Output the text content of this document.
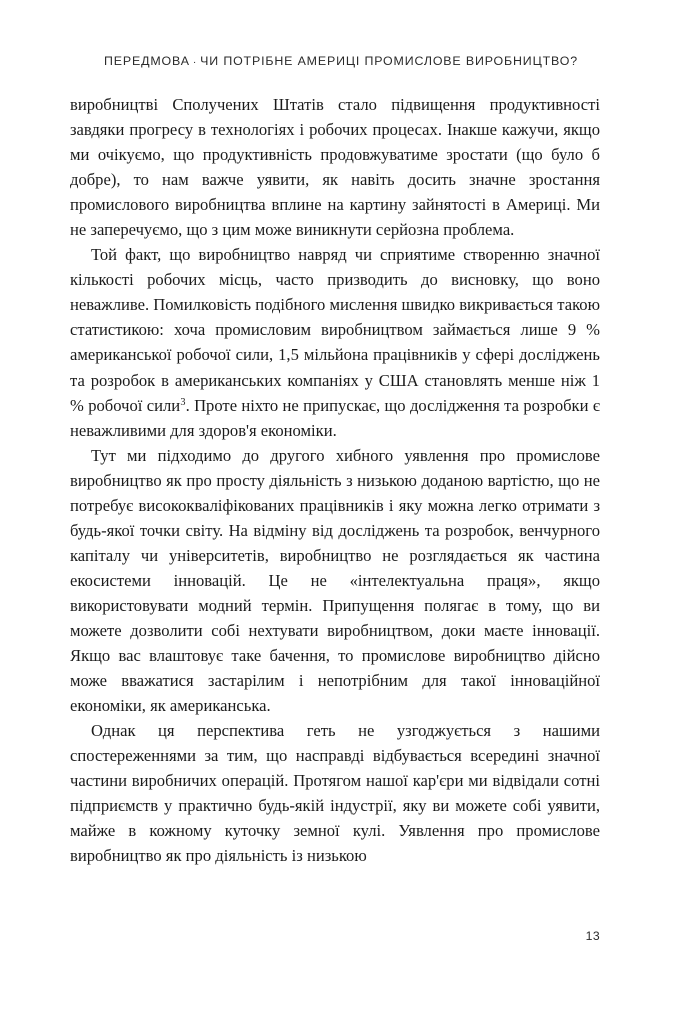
ПЕРЕДМОВА · ЧИ ПОТРІБНЕ АМЕРИЦІ ПРОМИСЛОВЕ ВИРОБНИЦТВО?

виробництві Сполучених Штатів стало підвищення продуктивності завдяки прогресу в технологіях і робочих процесах. Інакше кажучи, якщо ми очікуємо, що продуктивність продовжуватиме зростати (що було б добре), то нам важче уявити, як навіть досить значне зростання промислового виробництва вплине на картину зайнятості в Америці. Ми не заперечуємо, що з цим може виникнути серйозна проблема.

Той факт, що виробництво навряд чи сприятиме створенню значної кількості робочих місць, часто призводить до висновку, що воно неважливе. Помилковість подібного мислення швидко викривається такою статистикою: хоча промисловим виробництвом займається лише 9 % американської робочої сили, 1,5 мільйона працівників у сфері досліджень та розробок в американських компаніях у США становлять менше ніж 1 % робочої сили$^3$. Проте ніхто не припускає, що дослідження та розробки є неважливими для здоров'я економіки.

Тут ми підходимо до другого хибного уявлення про промислове виробництво як про просту діяльність з низькою доданою вартістю, що не потребує висококваліфікованих працівників і яку можна легко отримати з будь-якої точки світу. На відміну від досліджень та розробок, венчурного капіталу чи університетів, виробництво не розглядається як частина екосистеми інновацій. Це не «інтелектуальна праця», якщо використовувати модний термін. Припущення полягає в тому, що ви можете дозволити собі нехтувати виробництвом, доки маєте інновації. Якщо вас влаштовує таке бачення, то промислове виробництво дійсно може вважатися застарілим і непотрібним для такої інноваційної економіки, як американська.

Однак ця перспектива геть не узгоджується з нашими спостереженнями за тим, що насправді відбувається всередині значної частини виробничих операцій. Протягом нашої кар'єри ми відвідали сотні підприємств у практично будь-якій індустрії, яку ви можете собі уявити, майже в кожному куточку земної кулі. Уявлення про промислове виробництво як про діяльність із низькою

13
